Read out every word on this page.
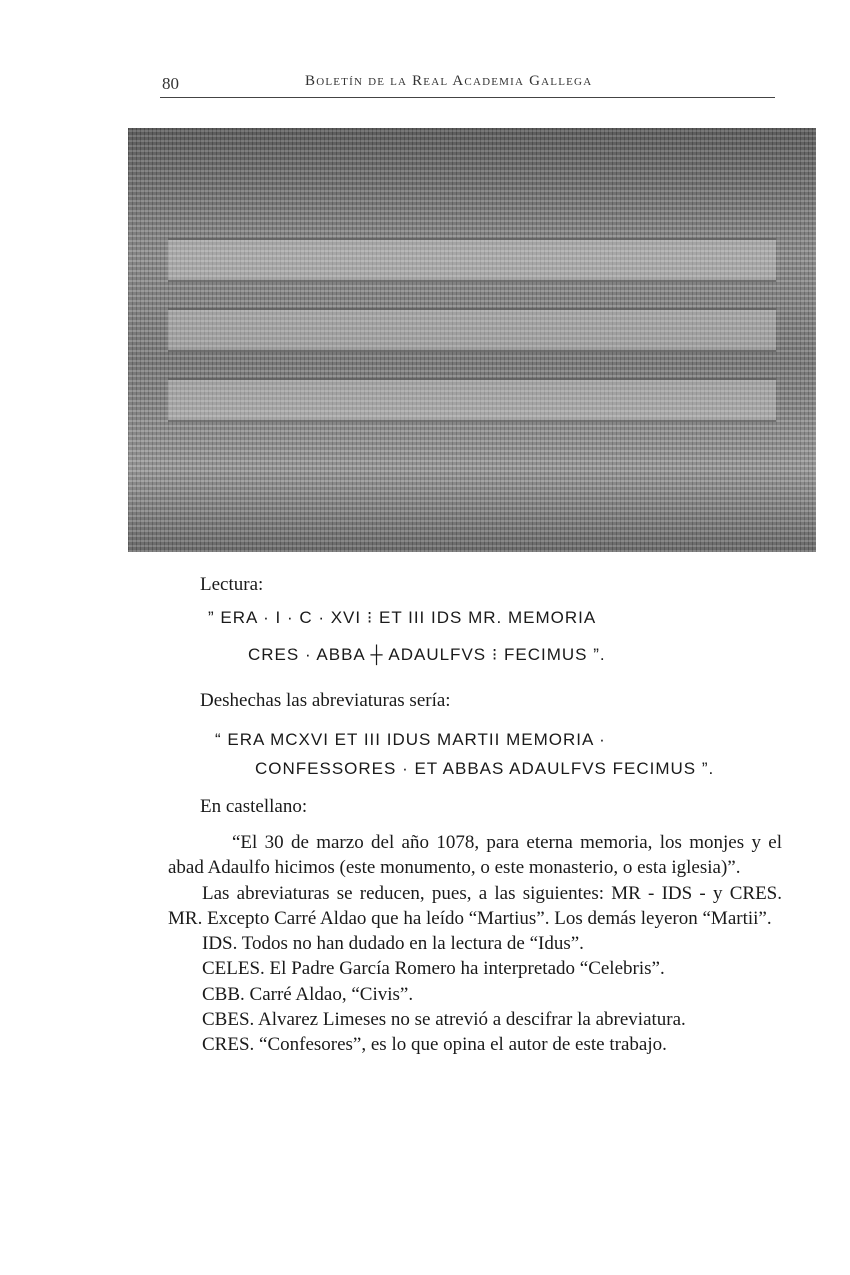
80	Boletín de la Real Academia Gallega
Lectura:
” ERA · I · C · XVI ⁝ ET III IDS MR. MEMORIA
CRES · ABBA ┼ ADAULFVS ⁝ FECIMUS ”.
Deshechas las abreviaturas sería:
“ ERA MCXVI ET III IDUS MARTII MEMORIA ·
CONFESSORES · ET ABBAS ADAULFVS FECIMUS ”.
En castellano:

“El 30 de marzo del año 1078, para eterna memoria, los monjes y el abad Adaulfo hicimos (este monumento, o este monasterio, o esta iglesia)”.

Las abreviaturas se reducen, pues, a las siguientes: MR - IDS - y CRES. MR. Excepto Carré Aldao que ha leído “Martius”. Los demás leyeron “Martii”.

IDS. Todos no han dudado en la lectura de “Idus”.

CELES. El Padre García Romero ha interpretado “Celebris”.

CBB. Carré Aldao, “Civis”.

CBES. Alvarez Limeses no se atrevió a descifrar la abreviatura.

CRES. “Confesores”, es lo que opina el autor de este trabajo.
